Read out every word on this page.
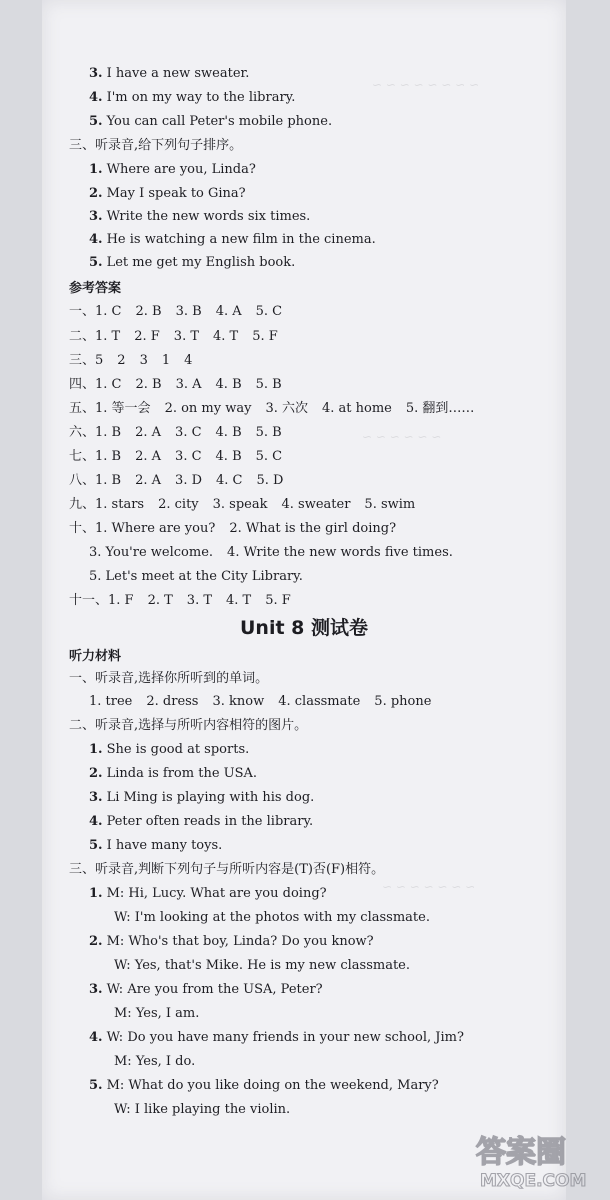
~ ~ ~ ~ ~ ~ ~ ~
~ ~ ~ ~ ~ ~
~ ~ ~ ~ ~ ~ ~
3. I have a new sweater.
4. I'm on my way to the library.
5. You can call Peter's mobile phone.
三、听录音,给下列句子排序。
1. Where are you, Linda?
2. May I speak to Gina?
3. Write the new words six times.
4. He is watching a new film in the cinema.
5. Let me get my English book.
参考答案
一、1. C 2. B 3. B 4. A 5. C
二、1. T 2. F 3. T 4. T 5. F
三、5 2 3 1 4
四、1. C 2. B 3. A 4. B 5. B
五、1. 等一会 2. on my way 3. 六次 4. at home 5. 翻到……
六、1. B 2. A 3. C 4. B 5. B
七、1. B 2. A 3. C 4. B 5. C
八、1. B 2. A 3. D 4. C 5. D
九、1. stars 2. city 3. speak 4. sweater 5. swim
十、1. Where are you? 2. What is the girl doing?
3. You're welcome. 4. Write the new words five times.
5. Let's meet at the City Library.
十一、1. F 2. T 3. T 4. T 5. F
Unit 8 测试卷
听力材料
一、听录音,选择你所听到的单词。
1. tree 2. dress 3. know 4. classmate 5. phone
二、听录音,选择与所听内容相符的图片。
1. She is good at sports.
2. Linda is from the USA.
3. Li Ming is playing with his dog.
4. Peter often reads in the library.
5. I have many toys.
三、听录音,判断下列句子与所听内容是(T)否(F)相符。
1. M: Hi, Lucy. What are you doing?
W: I'm looking at the photos with my classmate.
2. M: Who's that boy, Linda? Do you know?
W: Yes, that's Mike. He is my new classmate.
3. W: Are you from the USA, Peter?
M: Yes, I am.
4. W: Do you have many friends in your new school, Jim?
M: Yes, I do.
5. M: What do you like doing on the weekend, Mary?
W: I like playing the violin.
答案圈
MXQE.COM
